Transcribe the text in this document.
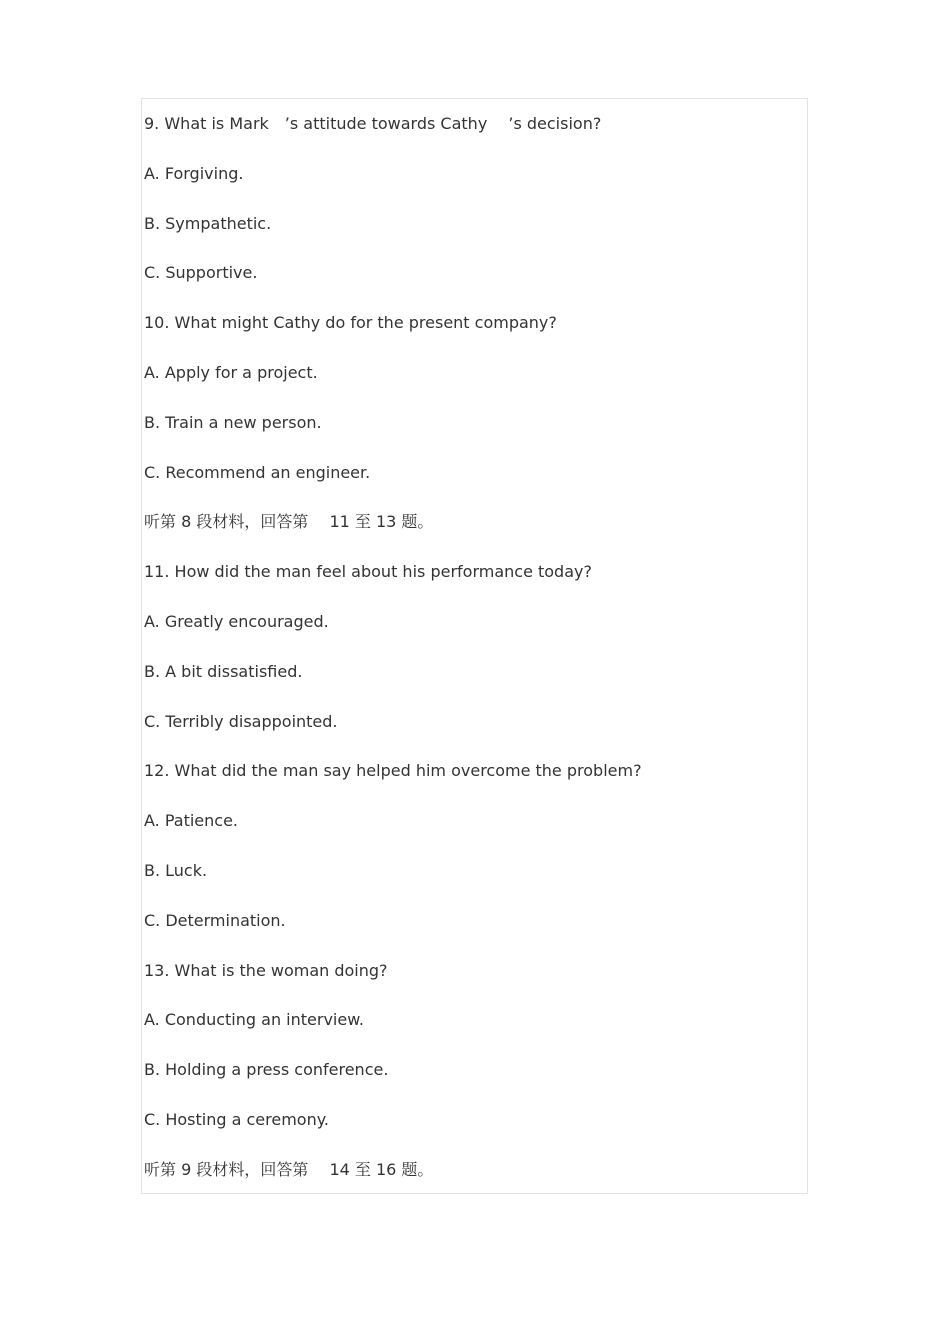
9. What is Mark　’s attitude towards Cathy　 ’s decision?

A. Forgiving.

B. Sympathetic.

C. Supportive.

10. What might Cathy do for the present company?

A. Apply for a project.

B. Train a new person.

C. Recommend an engineer.

听第 8 段材料，回答第　 11 至 13 题。

11. How did the man feel about his performance today?

A. Greatly encouraged.

B. A bit dissatisfied.

C. Terribly disappointed.

12. What did the man say helped him overcome the problem?

A. Patience.

B. Luck.

C. Determination.

13. What is the woman doing?

A. Conducting an interview.

B. Holding a press conference.

C. Hosting a ceremony.

听第 9 段材料，回答第　 14 至 16 题。
